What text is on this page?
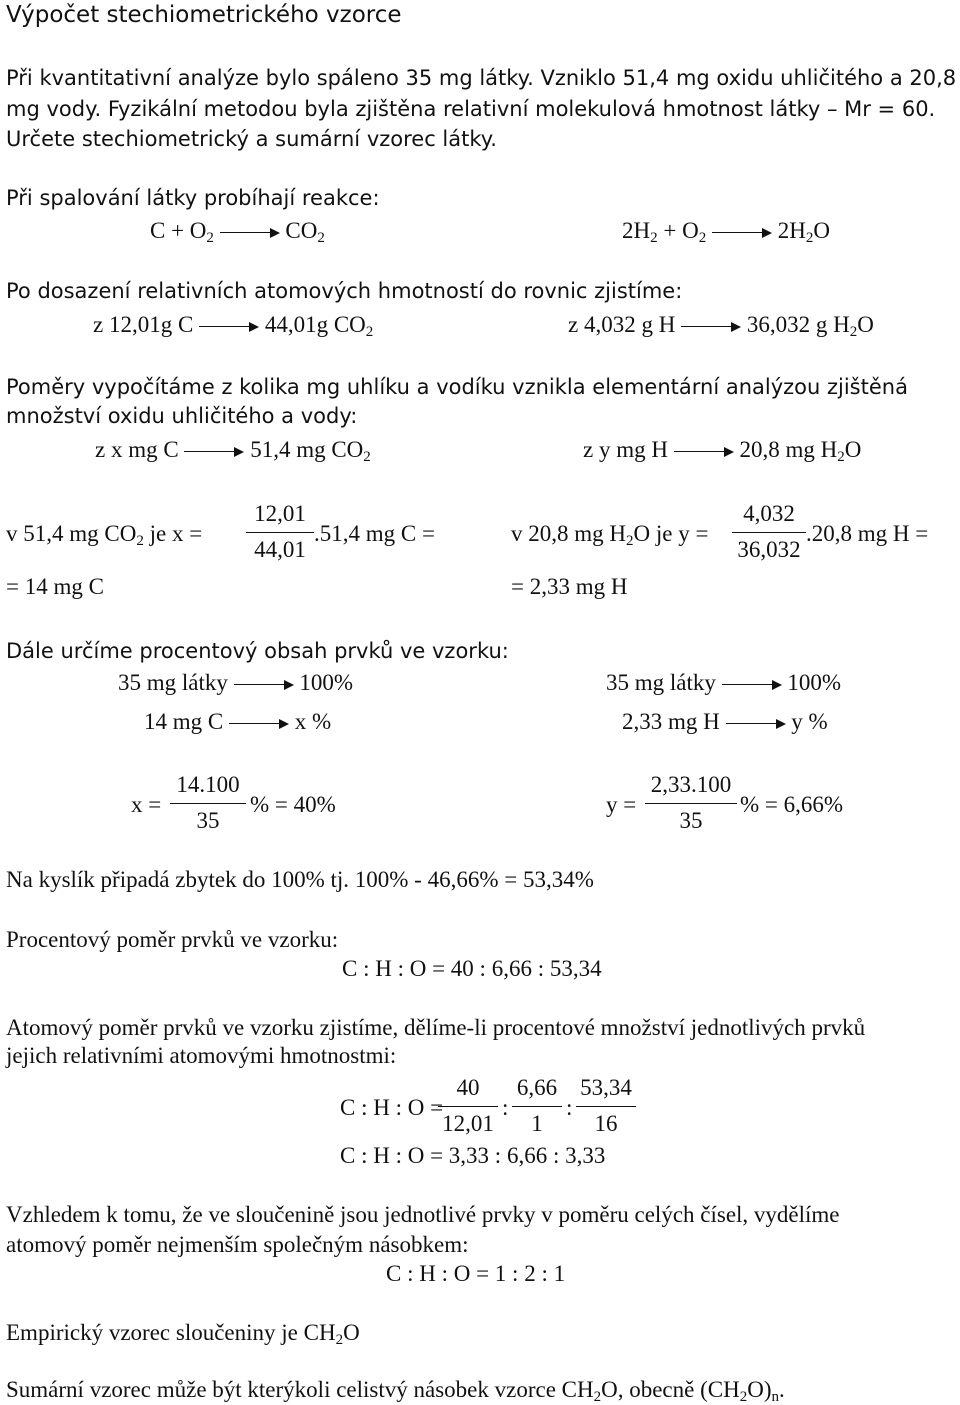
Výpočet stechiometrického vzorce
Při kvantitativní analýze bylo spáleno 35 mg látky. Vzniklo 51,4 mg oxidu uhličitého a 20,8
mg vody. Fyzikální metodou byla zjištěna relativní molekulová hmotnost látky – Mr = 60.
Určete stechiometrický a sumární vzorec látky.
Při spalování látky probíhají reakce:
$C + O_2$	$CO_2$	$2H_2 + O_2$	$2H_2O$
Po dosazení relativních atomových hmotností do rovnic zjistíme:
z 12,01g C	44,01g $CO_2$	z 4,032 g H	36,032 g $H_2O$
Poměry vypočítáme z kolika mg uhlíku a vodíku vznikla elementární analýzou zjištěná
množství oxidu uhličitého a vody:
z x mg C	51,4 mg $CO_2$	z y mg H	20,8 mg $H_2O$
v 51,4 mg $CO_2$ je x =
12,01
44,01
.51,4 mg C =
= 14 mg C
v 20,8 mg $H_2O$ je y =
4,032
36,032
.20,8 mg H =
= 2,33 mg H
Dále určíme procentový obsah prvků ve vzorku:
35 mg látky	100%
14 mg C	x %
35 mg látky	100%
2,33 mg H	y %
x =
14.100
35
% = 40%	y =
2,33.100
35
% = 6,66%
Na kyslík připadá zbytek do 100% tj. 100% - 46,66% = 53,34%
Procentový poměr prvků ve vzorku:
C : H : O = 40 : 6,66 : 53,34
Atomový poměr prvků ve vzorku zjistíme, dělíme-li procentové množství jednotlivých prvků
jejich relativními atomovými hmotnostmi:
C : H : O =
40
12,01
:
6,66
1
:
53,34
16
C : H : O = 3,33 : 6,66 : 3,33
Vzhledem k tomu, že ve sloučenině jsou jednotlivé prvky v poměru celých čísel, vydělíme
atomový poměr nejmenším společným násobkem:
C : H : O = 1 : 2 : 1
Empirický vzorec sloučeniny je $CH_2O$
Sumární vzorec může být kterýkoli celistvý násobek vzorce $CH_2O$, obecně $(CH_2O)_n$.
